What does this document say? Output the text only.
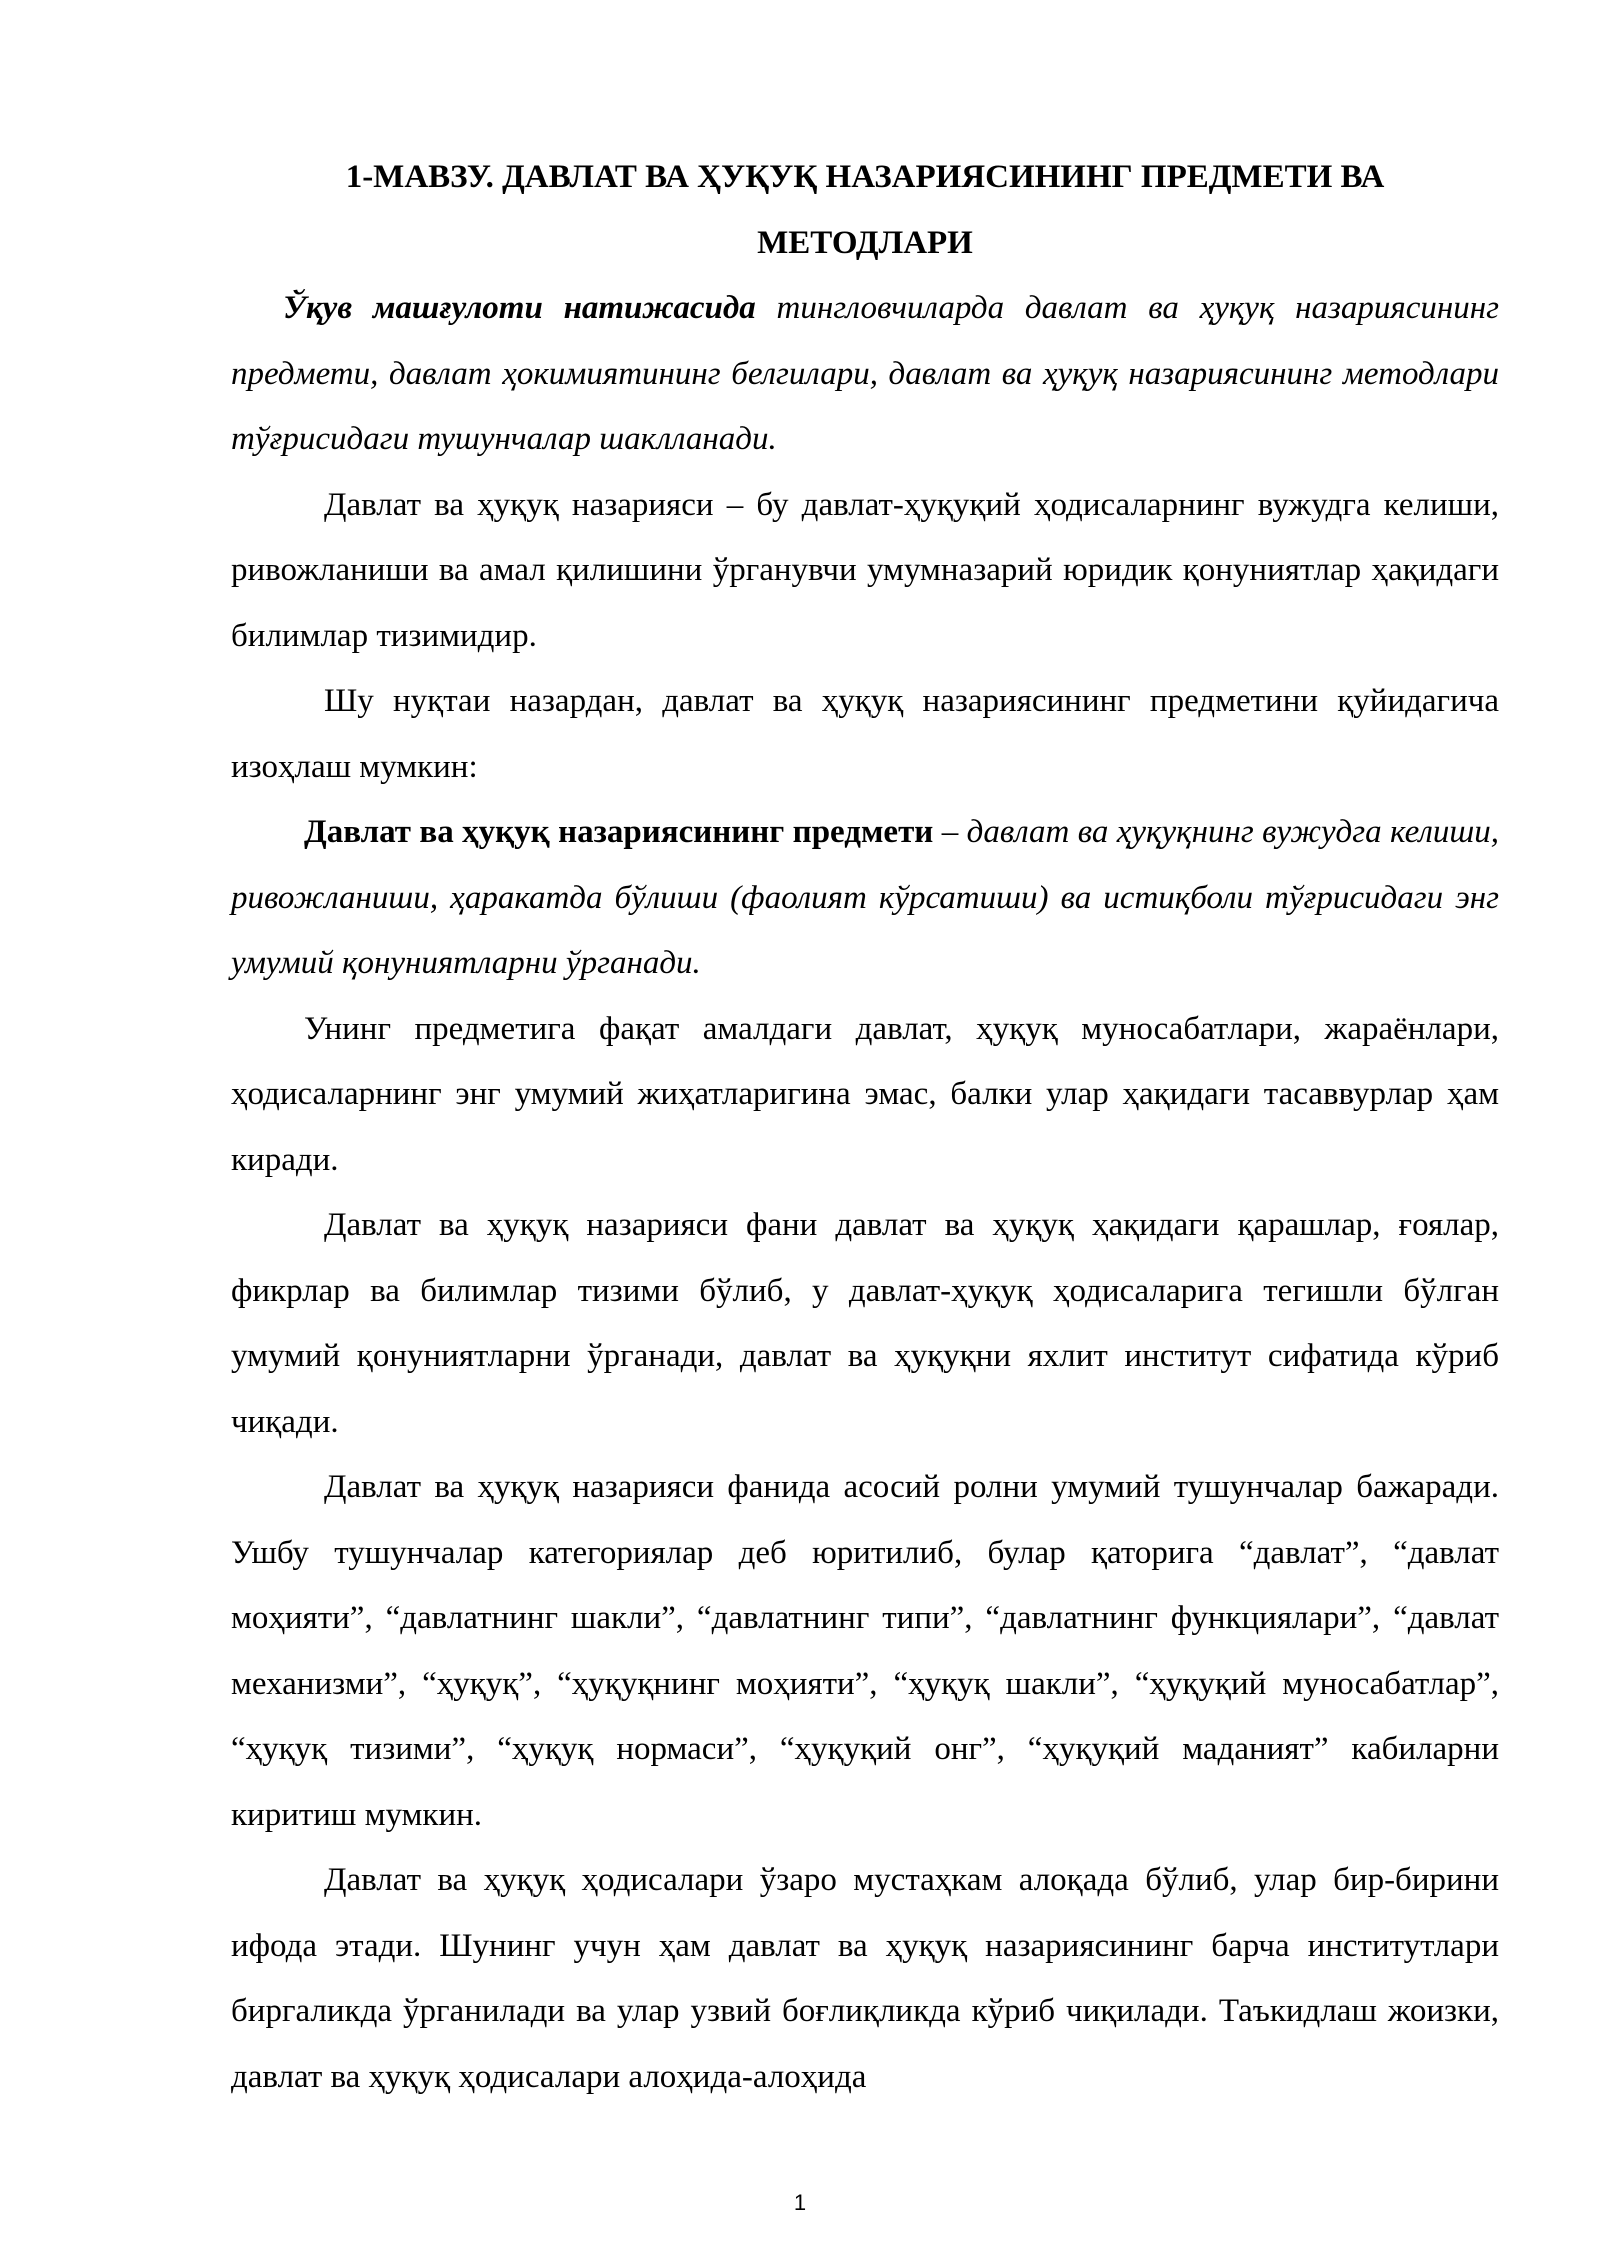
1-МАВЗУ. ДАВЛАТ ВА ҲУҚУҚ НАЗАРИЯСИНИНГ ПРЕДМЕТИ ВА МЕТОДЛАРИ

Ўқув машғулоти натижасида тингловчиларда давлат ва ҳуқуқ назариясининг предмети, давлат ҳокимиятининг белгилари, давлат ва ҳуқуқ назариясининг методлари тўғрисидаги тушунчалар шаклланади.

Давлат ва ҳуқуқ назарияси – бу давлат-ҳуқуқий ҳодисаларнинг вужудга келиши, ривожланиши ва амал қилишини ўрганувчи умумназарий юридик қонуниятлар ҳақидаги билимлар тизимидир.

Шу нуқтаи назардан, давлат ва ҳуқуқ назариясининг предметини қуйидагича изоҳлаш мумкин:

Давлат ва ҳуқуқ назариясининг предмети – давлат ва ҳуқуқнинг вужудга келиши, ривожланиши, ҳаракатда бўлиши (фаолият кўрсатиши) ва истиқболи тўғрисидаги энг умумий қонуниятларни ўрганади.

Унинг предметига фақат амалдаги давлат, ҳуқуқ муносабатлари, жараёнлари, ҳодисаларнинг энг умумий жиҳатларигина эмас, балки улар ҳақидаги тасаввурлар ҳам киради.

Давлат ва ҳуқуқ назарияси фани давлат ва ҳуқуқ ҳақидаги қарашлар, ғоялар, фикрлар ва билимлар тизими бўлиб, у давлат-ҳуқуқ ҳодисаларига тегишли бўлган умумий қонуниятларни ўрганади, давлат ва ҳуқуқни яхлит институт сифатида кўриб чиқади.

Давлат ва ҳуқуқ назарияси фанида асосий ролни умумий тушунчалар бажаради. Ушбу тушунчалар категориялар деб юритилиб, булар қаторига “давлат”, “давлат моҳияти”, “давлатнинг шакли”, “давлатнинг типи”, “давлатнинг функциялари”, “давлат механизми”, “ҳуқуқ”, “ҳуқуқнинг моҳияти”, “ҳуқуқ шакли”, “ҳуқуқий муносабатлар”, “ҳуқуқ тизими”, “ҳуқуқ нормаси”, “ҳуқуқий онг”, “ҳуқуқий маданият” кабиларни киритиш мумкин.

Давлат ва ҳуқуқ ҳодисалари ўзаро мустаҳкам алоқада бўлиб, улар бир-бирини ифода этади. Шунинг учун ҳам давлат ва ҳуқуқ назариясининг барча институтлари биргаликда ўрганилади ва улар узвий боғлиқликда кўриб чиқилади. Таъкидлаш жоизки, давлат ва ҳуқуқ ҳодисалари алоҳида-алоҳида

1
